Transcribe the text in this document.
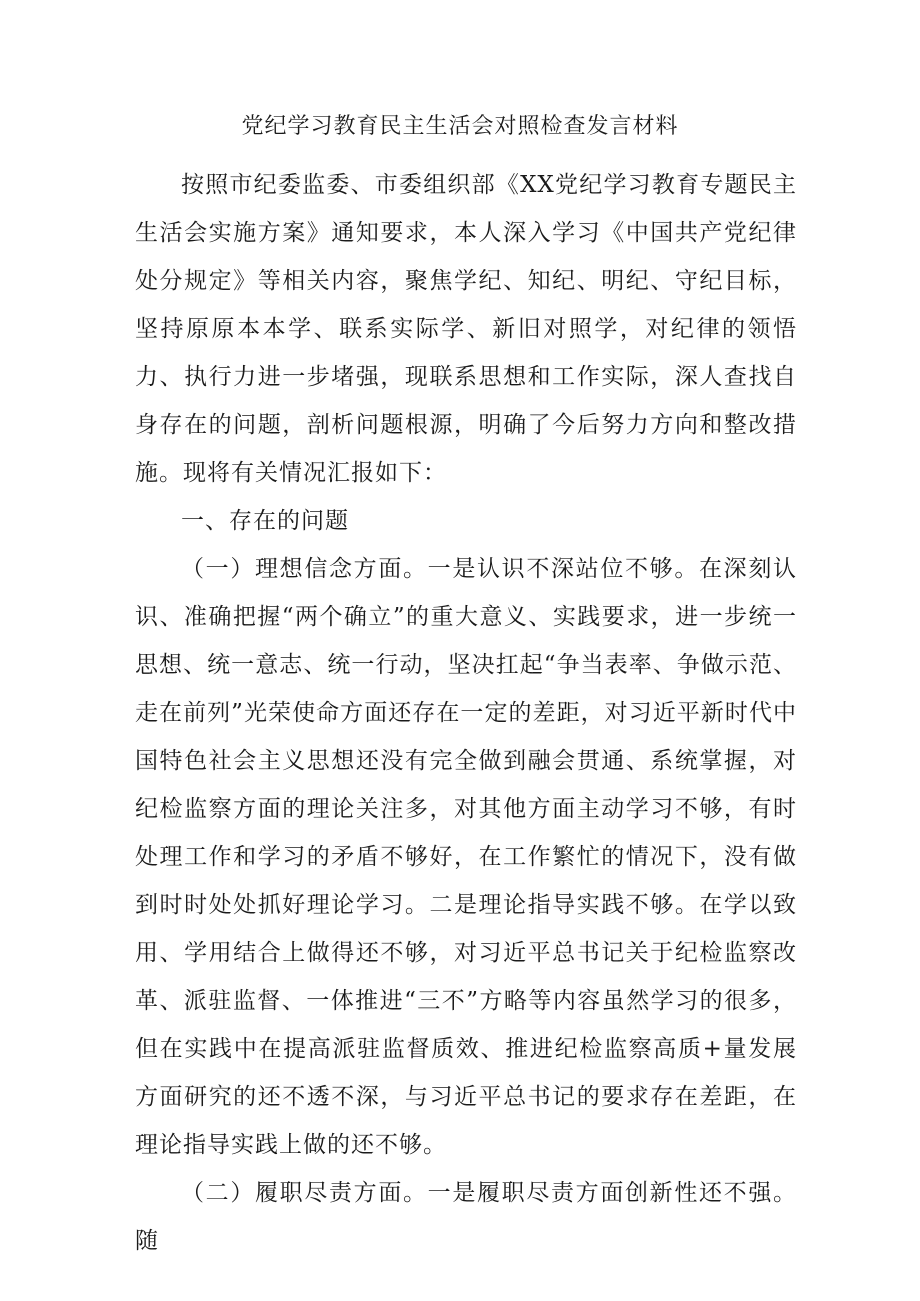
党纪学习教育民主生活会对照检查发言材料

按照市纪委监委、市委组织部《XX党纪学习教育专题民主生活会实施方案》通知要求，本人深入学习《中国共产党纪律处分规定》等相关内容，聚焦学纪、知纪、明纪、守纪目标，坚持原原本本学、联系实际学、新旧对照学，对纪律的领悟力、执行力进一步堵强，现联系思想和工作实际，深人查找自身存在的问题，剖析问题根源，明确了今后努力方向和整改措施。现将有关情况汇报如下：

一、存在的问题

（一）理想信念方面。一是认识不深站位不够。在深刻认识、准确把握“两个确立”的重大意义、实践要求，进一步统一思想、统一意志、统一行动，坚决扛起“争当表率、争做示范、走在前列”光荣使命方面还存在一定的差距，对习近平新时代中国特色社会主义思想还没有完全做到融会贯通、系统掌握，对纪检监察方面的理论关注多，对其他方面主动学习不够，有时处理工作和学习的矛盾不够好，在工作繁忙的情况下，没有做到时时处处抓好理论学习。二是理论指导实践不够。在学以致用、学用结合上做得还不够，对习近平总书记关于纪检监察改革、派驻监督、一体推进“三不”方略等内容虽然学习的很多，但在实践中在提高派驻监督质效、推进纪检监察高质+量发展方面研究的还不透不深，与习近平总书记的要求存在差距，在理论指导实践上做的还不够。

（二）履职尽责方面。一是履职尽责方面创新性还不强。随
